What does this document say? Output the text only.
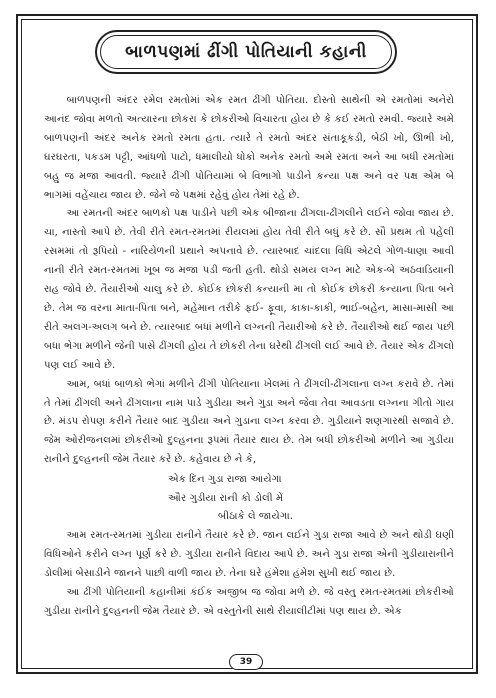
બાળપણમાં ઢીંગી પોતિયાની કહાની

બાળપણની અંદર રમેલ રમતોમાં એક રમત ઢીંગી પોતિયા. દોસ્તો સાથેની એ રમતોમાં અનેરો આનંદ જોવા મળતો અત્યારના છોકરા કે છોકરીઓ વિચારતા હોય છે કે કઈ રમતો રમવી. જ્યારે અમે બાળપણની અંદર અનેક રમતો રમતા હતા. ત્યારે તે રમતો અંદર સંતાકૂકડી, બેઠી ખો, ઊભી ખો, ઘરઘરતા, પકડમ પટ્ટી, આંધળો પાટો, ધમાલીયો ધોકો અનેક રમતો અમે રમતા અને આ બધી રમતોમાં બહુ જ મજા આવતી. જ્યારે ઢીંગી પોતિયામાં બે વિભાગો પાડીને કન્યા પક્ષ અને વર પક્ષ એમ બે ભાગમાં વહેંચાય જાય છે. જેને જે પક્ષમાં રહેવું હોય તેમાં રહે છે.

આ રમતની અંદર બાળકો પક્ષ પાડીને પછી એક બીજાના ઢીંગલા-ઢીંગલીને લઈને જોવા જાય છે. ચા, નાસ્તો આપે છે. તેવી રીતે રમત-રમતમાં રીયલમાં હોય તેવી રીતે બધું કરે છે. સૌ પ્રથમ તો પહેલી રસમમાં તો રૂપિયો - નારિયેળની પ્રથાને અપનાવે છે. ત્યારબાદ ચાંદલા વિધિ એટલે ગોળ-ધાણા આવી નાની રીતે રમત-રમતમાં ખૂબ જ મજા પડી જતી હતી. થોડો સમય લગ્ન માટે એક-બે અઠવાડિયાની રાહ જોવે છે. તૈયારીઓ ચાલુ કરે છે. કોઈક છોકરી કન્યાની મા તો કોઈક છોકરી કન્યાના પિતા બને છે. તેમ જ વરના માતા-પિતા બને, મહેમાન તરીકે ફઈ- ફૂવા, કાકા-કાકી, ભાઈ-બહેન, માસા-માસી આ રીતે અલગ-અલગ બને છે. ત્યારબાદ બધાં મળીને લગ્નની તૈયારીઓ કરે છે. તૈયારીઓ થઈ જાય પછી બધા ભેગા મળીને જેની પાસે ઢીંગલી હોય તે છોકરી તેના ઘરેથી ઢીંગલી લઈ આવે છે. તૈયાર એક ઢીંગલો પણ લઈ આવે છે.

આમ, બધાં બાળકો ભેગાં મળીને ઢીંગી પોતિયાના ખેલમાં તે ઢીંગલી-ઢીંગલાના લગ્ન કરાવે છે. તેમાં તે તેમાં ઢીંગલી અને ઢીંગલાના નામ પાડે ગુડીયા અને ગુડા અને જેવા તેવા આવડતા લગ્નના ગીતો ગાય છે. મંડપ રોપણ કરીને તૈયાર બાદ ગુડીયા અને ગુડાના લગ્ન કરવા છે. ગુડીયાને શણગારથી સજાવે છે. જેમ ઓરીજનલમાં છોકરીઓ દુલ્હનના રૂપમાં તૈયાર થાય છે. તેમ બધી છોકરીઓ મળીને આ ગુડીયા રાનીને દુલ્હનની જેમ તૈયાર કરે છે. કહેવાય છે ને કે,

એક દિન ગુડા રાજા આયેગા
ઔર ગુડીયા રાની કો ડોલી મેં
બીઠાકે લે જાયેગા.

આમ રમત-રમતમાં ગુડીયા રાનીને તૈયાર કરે છે. જાન લઈને ગુડા રાજા આવે છે અને થોડી ઘણી વિધિઓને કરીને લગ્ન પૂર્ણ કરે છે. ગુડીયા રાનીને વિદાય આપે છે. અને ગુડા રાજા એની ગુડીયારાનીને ડોલીમાં બેસાડીને જાનને પાછી વાળી જાય છે. તેના ઘરે હંમેશા હંમેશ સુખી થઈ જાય છે.

આ ઢીંગી પોતિયાની કહાનીમાં કંઈક અજીબ જ જોવા મળે છે. જે વસ્તુ રમત-રમતમાં છોકરીઓ ગુડીયા રાનીને દુલ્હનની જેમ તૈયાર છે. એ વસ્તુતેની સાથે રીયાલીટીમાં પણ થાય છે. એક

39
